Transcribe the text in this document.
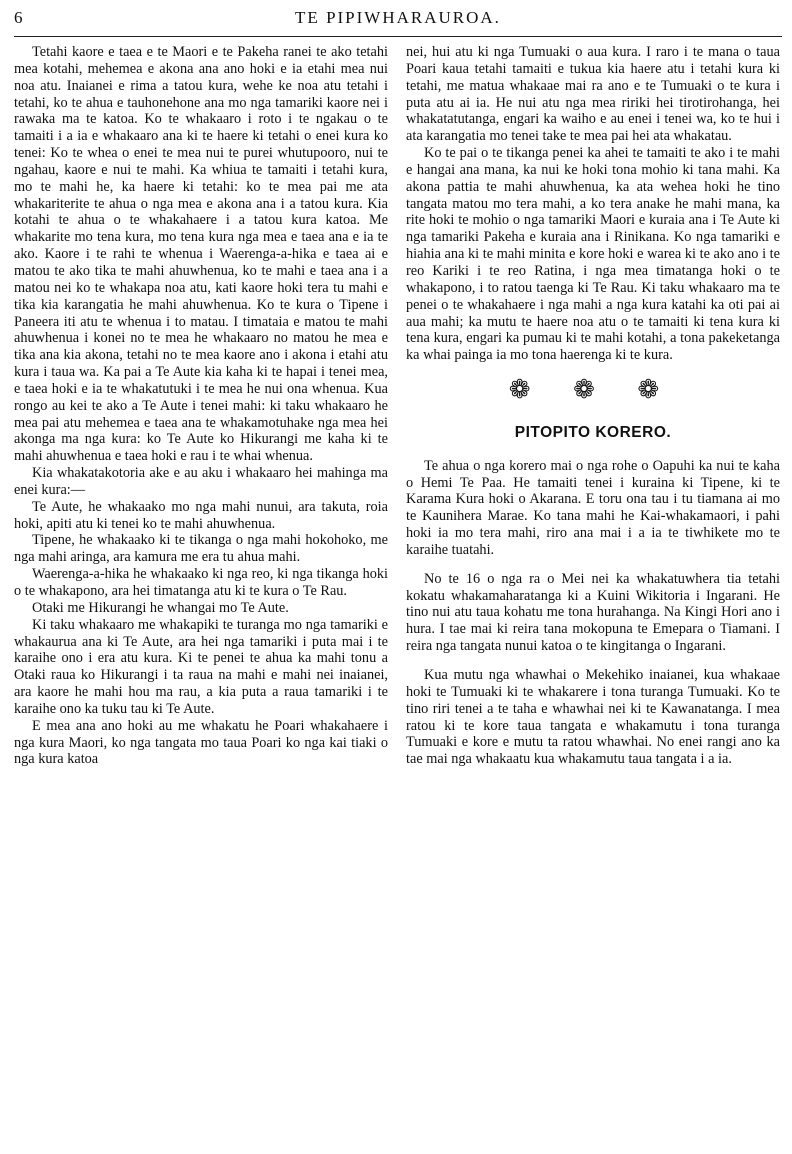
6	TE PIPIWHARAUROA.

Tetahi kaore e taea e te Maori e te Pakeha ranei te ako tetahi mea kotahi, mehemea e akona ana ano hoki e ia etahi mea nui noa atu. Inaianei e rima a tatou kura, wehe ke noa atu tetahi i tetahi, ko te ahua e tauhonehone ana mo nga tamariki kaore nei i rawaka ma te katoa. Ko te whakaaro i roto i te ngakau o te tamaiti i a ia e whakaaro ana ki te haere ki tetahi o enei kura ko tenei: Ko te whea o enei te mea nui te purei whutupooro, nui te ngahau, kaore e nui te mahi. Ka whiua te tamaiti i tetahi kura, mo te mahi he, ka haere ki tetahi: ko te mea pai me ata whakariterite te ahua o nga mea e akona ana i a tatou kura. Kia kotahi te ahua o te whakahaere i a tatou kura katoa. Me whakarite mo tena kura, mo tena kura nga mea e taea ana e ia te ako. Kaore i te rahi te whenua i Waerenga-a-hika e taea ai e matou te ako tika te mahi ahuwhenua, ko te mahi e taea ana i a matou nei ko te whakapa noa atu, kati kaore hoki tera tu mahi e tika kia karangatia he mahi ahuwhenua. Ko te kura o Tipene i Paneera iti atu te whenua i to matau. I timataia e matou te mahi ahuwhenua i konei no te mea he whakaaro no matou he mea e tika ana kia akona, tetahi no te mea kaore ano i akona i etahi atu kura i taua wa. Ka pai a Te Aute kia kaha ki te hapai i tenei mea, e taea hoki e ia te whakatutuki i te mea he nui ona whenua. Kua rongo au kei te ako a Te Aute i tenei mahi: ki taku whakaaro he mea pai atu mehemea e taea ana te whakamotuhake nga mea hei akonga ma nga kura: ko Te Aute ko Hikurangi me kaha ki te mahi ahuwhenua e taea hoki e rau i te whai whenua.

Kia whakatakotoria ake e au aku i whakaaro hei mahinga ma enei kura:—

Te Aute, he whakaako mo nga mahi nunui, ara takuta, roia hoki, apiti atu ki tenei ko te mahi ahuwhenua.

Tipene, he whakaako ki te tikanga o nga mahi hokohoko, me nga mahi aringa, ara kamura me era tu ahua mahi.

Waerenga-a-hika he whakaako ki nga reo, ki nga tikanga hoki o te whakapono, ara hei timatanga atu ki te kura o Te Rau.

Otaki me Hikurangi he whangai mo Te Aute.

Ki taku whakaaro me whakapiki te turanga mo nga tamariki e whakaurua ana ki Te Aute, ara hei nga tamariki i puta mai i te karaihe ono i era atu kura. Ki te penei te ahua ka mahi tonu a Otaki raua ko Hikurangi i ta raua na mahi e mahi nei inaianei, ara kaore he mahi hou ma rau, a kia puta a raua tamariki i te karaihe ono ka tuku tau ki Te Aute.

E mea ana ano hoki au me whakatu he Poari whakahaere i nga kura Maori, ko nga tangata mo taua Poari ko nga kai tiaki o nga kura katoa

nei, hui atu ki nga Tumuaki o aua kura. I raro i te mana o taua Poari kaua tetahi tamaiti e tukua kia haere atu i tetahi kura ki tetahi, me matua whakaae mai ra ano e te Tumuaki o te kura i puta atu ai ia. He nui atu nga mea ririki hei tirotirohanga, hei whakatatutanga, engari ka waiho e au enei i tenei wa, ko te hui i ata karangatia mo tenei take te mea pai hei ata whakatau.

Ko te pai o te tikanga penei ka ahei te tamaiti te ako i te mahi e hangai ana mana, ka nui ke hoki tona mohio ki tana mahi. Ka akona pattia te mahi ahuwhenua, ka ata wehea hoki he tino tangata matou mo tera mahi, a ko tera anake he mahi mana, ka rite hoki te mohio o nga tamariki Maori e kuraia ana i Te Aute ki nga tamariki Pakeha e kuraia ana i Rinikana. Ko nga tamariki e hiahia ana ki te mahi minita e kore hoki e warea ki te ako ano i te reo Kariki i te reo Ratina, i nga mea timatanga hoki o te whakapono, i to ratou taenga ki Te Rau. Ki taku whakaaro ma te penei o te whakahaere i nga mahi a nga kura katahi ka oti pai ai aua mahi; ka mutu te haere noa atu o te tamaiti ki tena kura ki tena kura, engari ka pumau ki te mahi kotahi, a tona pakeketanga ka whai painga ia mo tona haerenga ki te kura.

❁ ❁ ❁
PITOPITO KORERO.

Te ahua o nga korero mai o nga rohe o Oapuhi ka nui te kaha o Hemi Te Paa. He tamaiti tenei i kuraina ki Tipene, ki te Karama Kura hoki o Akarana. E toru ona tau i tu tiamana ai mo te Kaunihera Marae. Ko tana mahi he Kai-whakamaori, i pahi hoki ia mo tera mahi, riro ana mai i a ia te tiwhikete mo te karaihe tuatahi.

No te 16 o nga ra o Mei nei ka whakatuwhera tia tetahi kokatu whakamaharatanga ki a Kuini Wikitoria i Ingarani. He tino nui atu taua kohatu me tona hurahanga. Na Kingi Hori ano i hura. I tae mai ki reira tana mokopuna te Emepara o Tiamani. I reira nga tangata nunui katoa o te kingitanga o Ingarani.

Kua mutu nga whawhai o Mekehiko inaianei, kua whakaae hoki te Tumuaki ki te whakarere i tona turanga Tumuaki. Ko te tino riri tenei a te taha e whawhai nei ki te Kawanatanga. I mea ratou ki te kore taua tangata e whakamutu i tona turanga Tumuaki e kore e mutu ta ratou whawhai. No enei rangi ano ka tae mai nga whakaatu kua whakamutu taua tangata i a ia.
